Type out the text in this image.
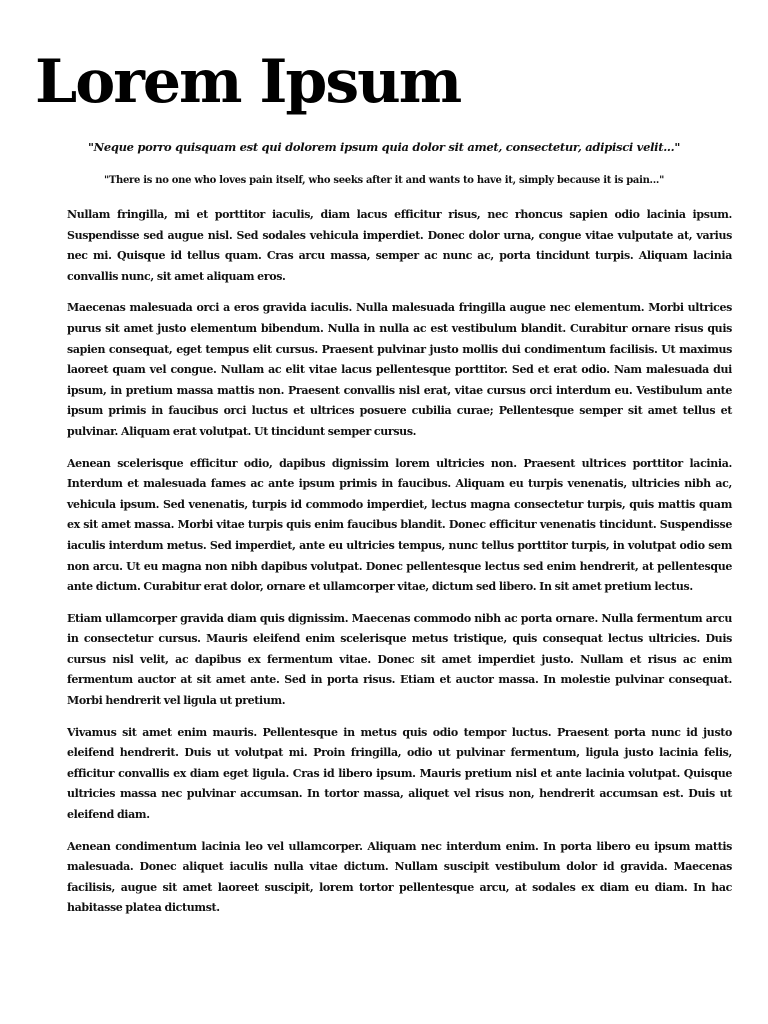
Lorem Ipsum

"Neque porro quisquam est qui dolorem ipsum quia dolor sit amet, consectetur, adipisci velit..."

"There is no one who loves pain itself, who seeks after it and wants to have it, simply because it is pain..."

Nullam fringilla, mi et porttitor iaculis, diam lacus efficitur risus, nec rhoncus sapien odio lacinia ipsum. Suspendisse sed augue nisl. Sed sodales vehicula imperdiet. Donec dolor urna, congue vitae vulputate at, varius nec mi. Quisque id tellus quam. Cras arcu massa, semper ac nunc ac, porta tincidunt turpis. Aliquam lacinia convallis nunc, sit amet aliquam eros.

Maecenas malesuada orci a eros gravida iaculis. Nulla malesuada fringilla augue nec elementum. Morbi ultrices purus sit amet justo elementum bibendum. Nulla in nulla ac est vestibulum blandit. Curabitur ornare risus quis sapien consequat, eget tempus elit cursus. Praesent pulvinar justo mollis dui condimentum facilisis. Ut maximus laoreet quam vel congue. Nullam ac elit vitae lacus pellentesque porttitor. Sed et erat odio. Nam malesuada dui ipsum, in pretium massa mattis non. Praesent convallis nisl erat, vitae cursus orci interdum eu. Vestibulum ante ipsum primis in faucibus orci luctus et ultrices posuere cubilia curae; Pellentesque semper sit amet tellus et pulvinar. Aliquam erat volutpat. Ut tincidunt semper cursus.

Aenean scelerisque efficitur odio, dapibus dignissim lorem ultricies non. Praesent ultrices porttitor lacinia. Interdum et malesuada fames ac ante ipsum primis in faucibus. Aliquam eu turpis venenatis, ultricies nibh ac, vehicula ipsum. Sed venenatis, turpis id commodo imperdiet, lectus magna consectetur turpis, quis mattis quam ex sit amet massa. Morbi vitae turpis quis enim faucibus blandit. Donec efficitur venenatis tincidunt. Suspendisse iaculis interdum metus. Sed imperdiet, ante eu ultricies tempus, nunc tellus porttitor turpis, in volutpat odio sem non arcu. Ut eu magna non nibh dapibus volutpat. Donec pellentesque lectus sed enim hendrerit, at pellentesque ante dictum. Curabitur erat dolor, ornare et ullamcorper vitae, dictum sed libero. In sit amet pretium lectus.

Etiam ullamcorper gravida diam quis dignissim. Maecenas commodo nibh ac porta ornare. Nulla fermentum arcu in consectetur cursus. Mauris eleifend enim scelerisque metus tristique, quis consequat lectus ultricies. Duis cursus nisl velit, ac dapibus ex fermentum vitae. Donec sit amet imperdiet justo. Nullam et risus ac enim fermentum auctor at sit amet ante. Sed in porta risus. Etiam et auctor massa. In molestie pulvinar consequat. Morbi hendrerit vel ligula ut pretium.

Vivamus sit amet enim mauris. Pellentesque in metus quis odio tempor luctus. Praesent porta nunc id justo eleifend hendrerit. Duis ut volutpat mi. Proin fringilla, odio ut pulvinar fermentum, ligula justo lacinia felis, efficitur convallis ex diam eget ligula. Cras id libero ipsum. Mauris pretium nisl et ante lacinia volutpat. Quisque ultricies massa nec pulvinar accumsan. In tortor massa, aliquet vel risus non, hendrerit accumsan est. Duis ut eleifend diam.

Aenean condimentum lacinia leo vel ullamcorper. Aliquam nec interdum enim. In porta libero eu ipsum mattis malesuada. Donec aliquet iaculis nulla vitae dictum. Nullam suscipit vestibulum dolor id gravida. Maecenas facilisis, augue sit amet laoreet suscipit, lorem tortor pellentesque arcu, at sodales ex diam eu diam. In hac habitasse platea dictumst.
